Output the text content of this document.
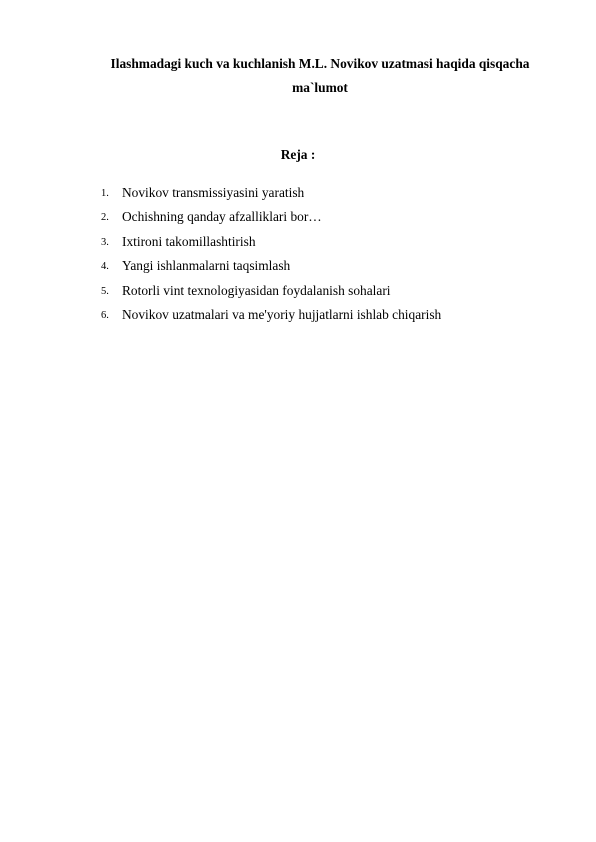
Ilashmadagi kuch va kuchlanish M.L. Novikov uzatmasi haqida qisqacha
ma`lumot
Reja :
1. Novikov transmissiyasini yaratish
2. Ochishning qanday afzalliklari bor…
3. Ixtironi takomillashtirish
4. Yangi ishlanmalarni taqsimlash
5. Rotorli vint texnologiyasidan foydalanish sohalari
6. Novikov uzatmalari va me'yoriy hujjatlarni ishlab chiqarish
